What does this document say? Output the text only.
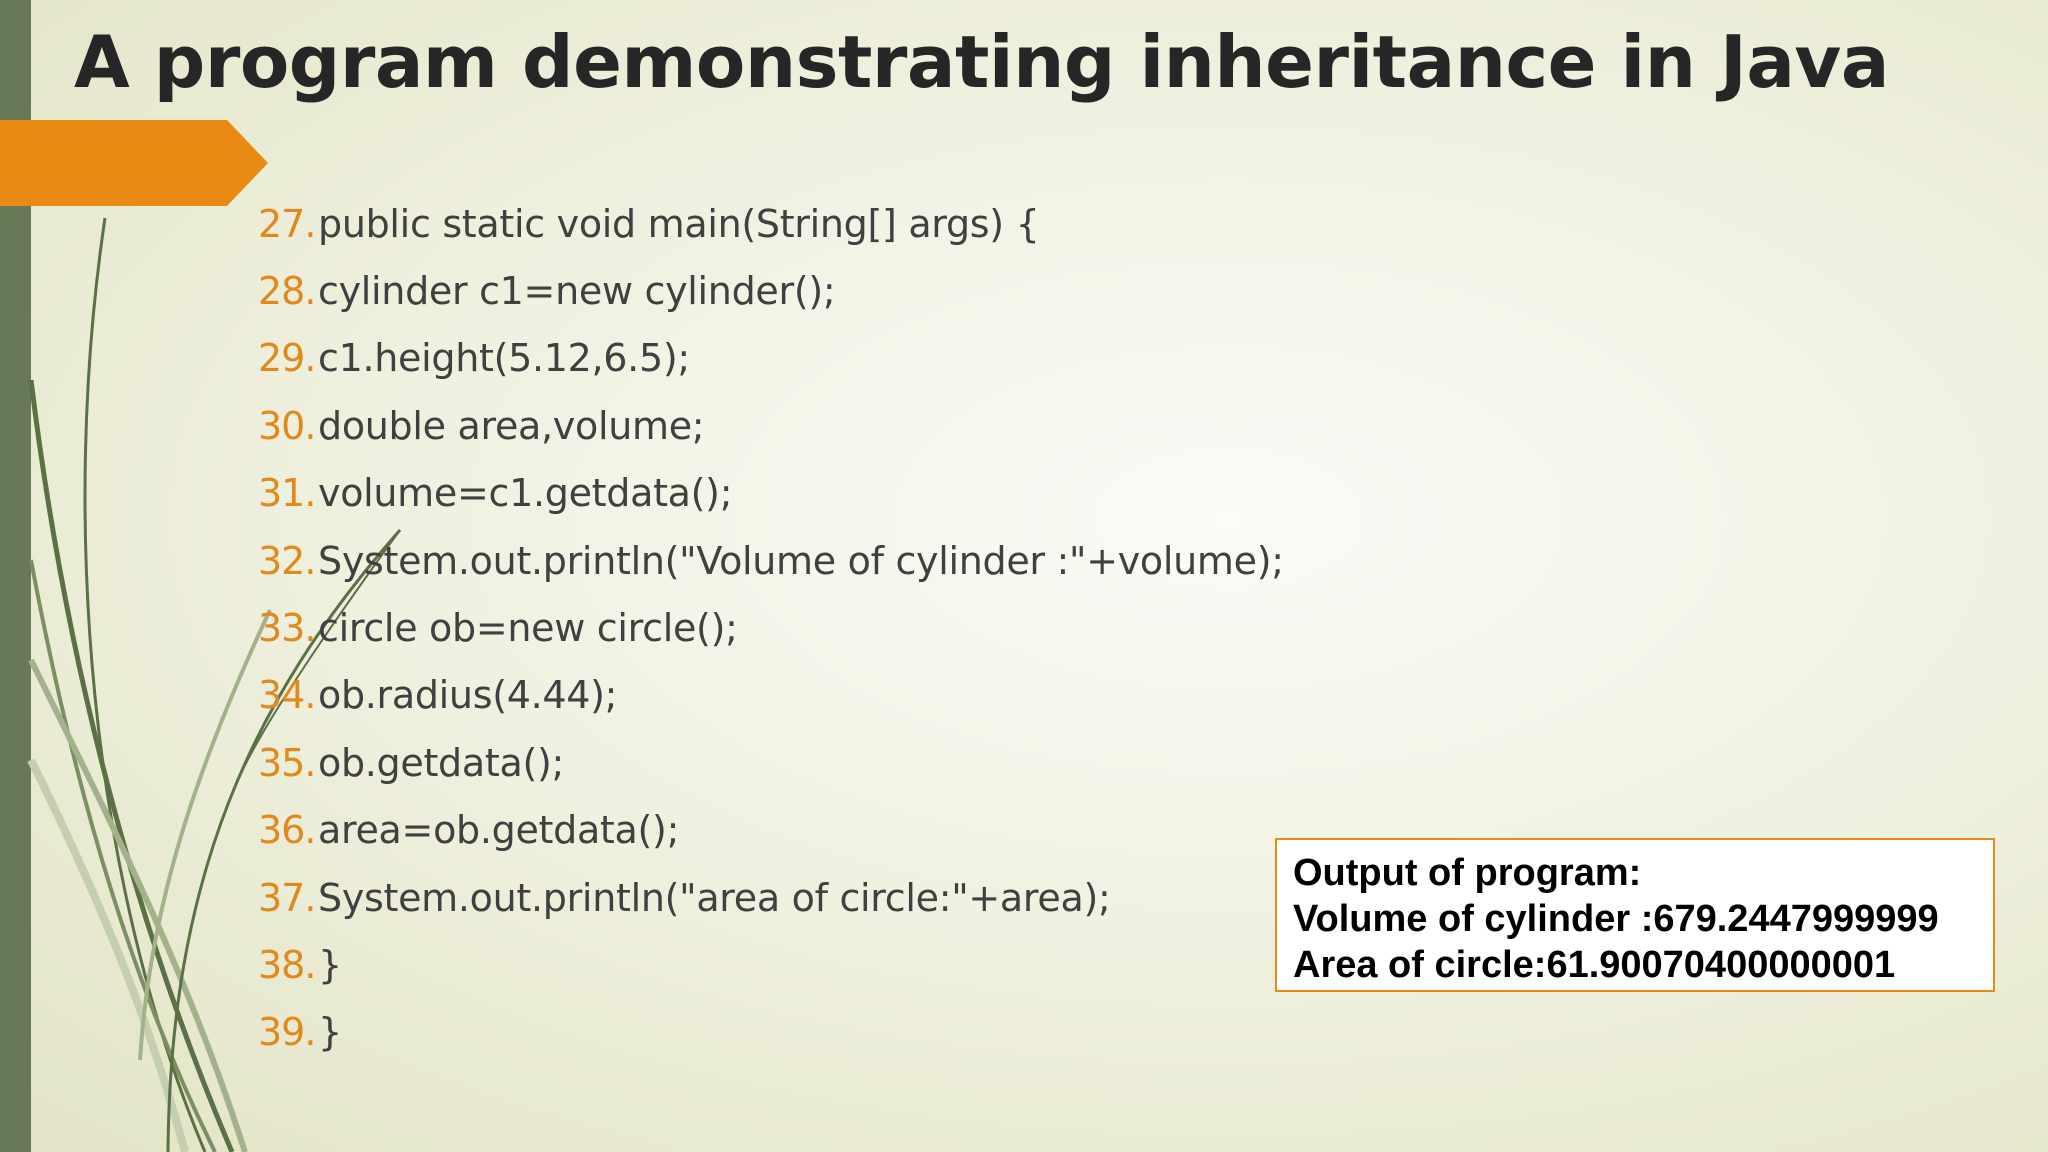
A program demonstrating inheritance in Java
27. public static void main(String[] args) {
28. cylinder c1=new cylinder();
29. c1.height(5.12,6.5);
30. double area,volume;
31. volume=c1.getdata();
32. System.out.println("Volume of cylinder :"+volume);
33. circle ob=new circle();
34. ob.radius(4.44);
35. ob.getdata();
36. area=ob.getdata();
37. System.out.println("area of circle:"+area);
38. }
39. }
Output of program:
Volume of cylinder :679.2447999999
Area of circle:61.90070400000001
